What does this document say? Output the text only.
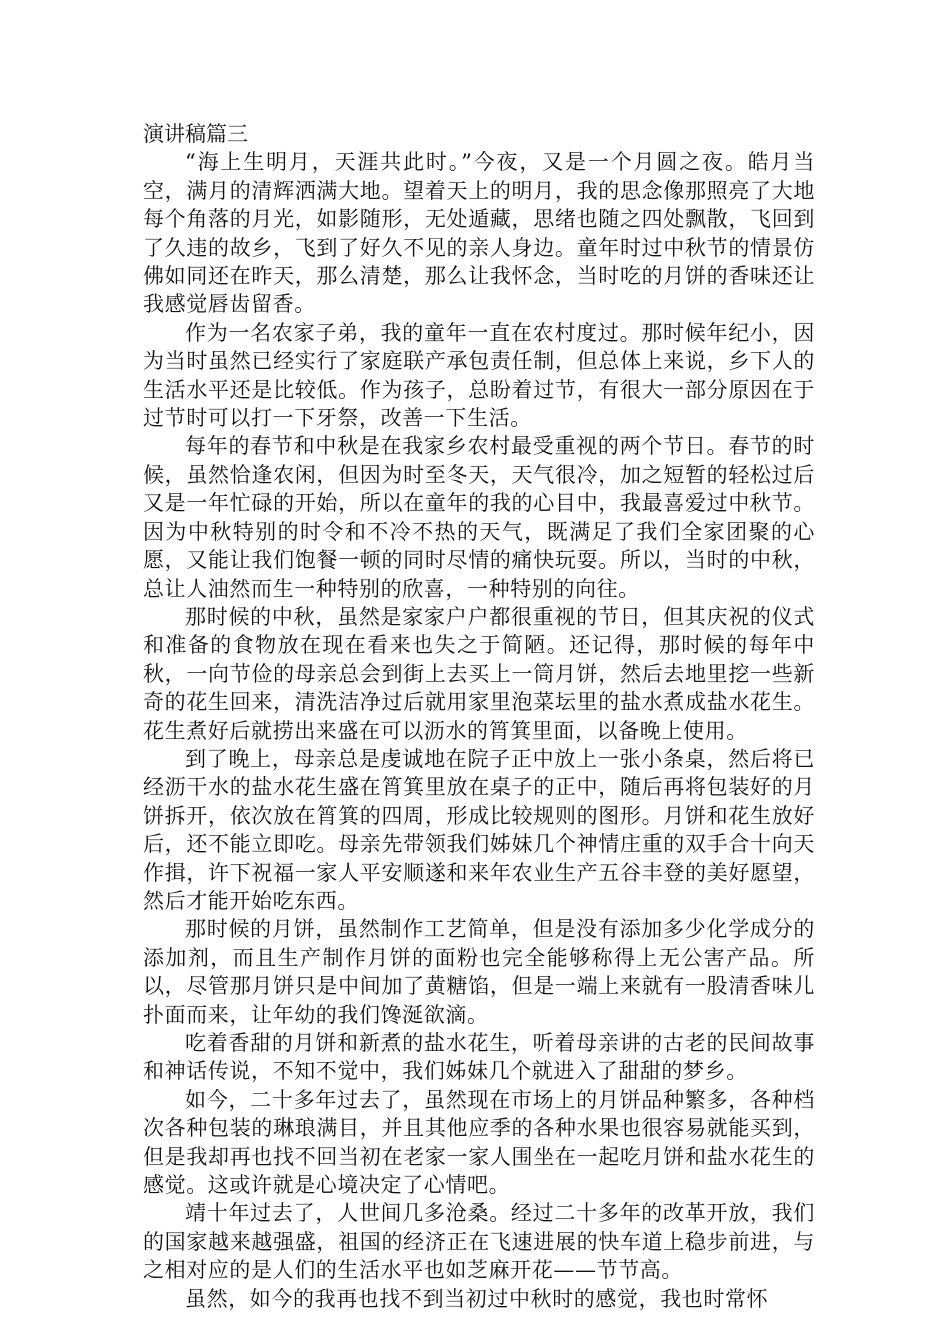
演讲稿篇三

“海上生明月，天涯共此时。”今夜，又是一个月圆之夜。皓月当空，满月的清辉洒满大地。望着天上的明月，我的思念像那照亮了大地每个角落的月光，如影随形，无处遁藏，思绪也随之四处飘散，飞回到了久违的故乡，飞到了好久不见的亲人身边。童年时过中秋节的情景仿佛如同还在昨天，那么清楚，那么让我怀念，当时吃的月饼的香味还让我感觉唇齿留香。

作为一名农家子弟，我的童年一直在农村度过。那时候年纪小，因为当时虽然已经实行了家庭联产承包责任制，但总体上来说，乡下人的生活水平还是比较低。作为孩子，总盼着过节，有很大一部分原因在于过节时可以打一下牙祭，改善一下生活。

每年的春节和中秋是在我家乡农村最受重视的两个节日。春节的时候，虽然恰逢农闲，但因为时至冬天，天气很冷，加之短暂的轻松过后又是一年忙碌的开始，所以在童年的我的心目中，我最喜爱过中秋节。因为中秋特别的时令和不冷不热的天气，既满足了我们全家团聚的心愿，又能让我们饱餐一顿的同时尽情的痛快玩耍。所以，当时的中秋，总让人油然而生一种特别的欣喜，一种特别的向往。

那时候的中秋，虽然是家家户户都很重视的节日，但其庆祝的仪式和准备的食物放在现在看来也失之于简陋。还记得，那时候的每年中秋，一向节俭的母亲总会到街上去买上一筒月饼，然后去地里挖一些新奇的花生回来，清洗洁净过后就用家里泡菜坛里的盐水煮成盐水花生。花生煮好后就捞出来盛在可以沥水的筲箕里面，以备晚上使用。

到了晚上，母亲总是虔诚地在院子正中放上一张小条桌，然后将已经沥干水的盐水花生盛在筲箕里放在桌子的正中，随后再将包装好的月饼拆开，依次放在筲箕的四周，形成比较规则的图形。月饼和花生放好后，还不能立即吃。母亲先带领我们姊妹几个神情庄重的双手合十向天作揖，许下祝福一家人平安顺遂和来年农业生产五谷丰登的美好愿望，然后才能开始吃东西。

那时候的月饼，虽然制作工艺简单，但是没有添加多少化学成分的添加剂，而且生产制作月饼的面粉也完全能够称得上无公害产品。所以，尽管那月饼只是中间加了黄糖馅，但是一端上来就有一股清香味儿扑面而来，让年幼的我们馋涎欲滴。

吃着香甜的月饼和新煮的盐水花生，听着母亲讲的古老的民间故事和神话传说，不知不觉中，我们姊妹几个就进入了甜甜的梦乡。

如今，二十多年过去了，虽然现在市场上的月饼品种繁多，各种档次各种包装的琳琅满目，并且其他应季的各种水果也很容易就能买到，但是我却再也找不回当初在老家一家人围坐在一起吃月饼和盐水花生的感觉。这或许就是心境决定了心情吧。

靖十年过去了，人世间几多沧桑。经过二十多年的改革开放，我们的国家越来越强盛，祖国的经济正在飞速进展的快车道上稳步前进，与之相对应的是人们的生活水平也如芝麻开花——节节高。

虽然，如今的我再也找不到当初过中秋时的感觉，我也时常怀
